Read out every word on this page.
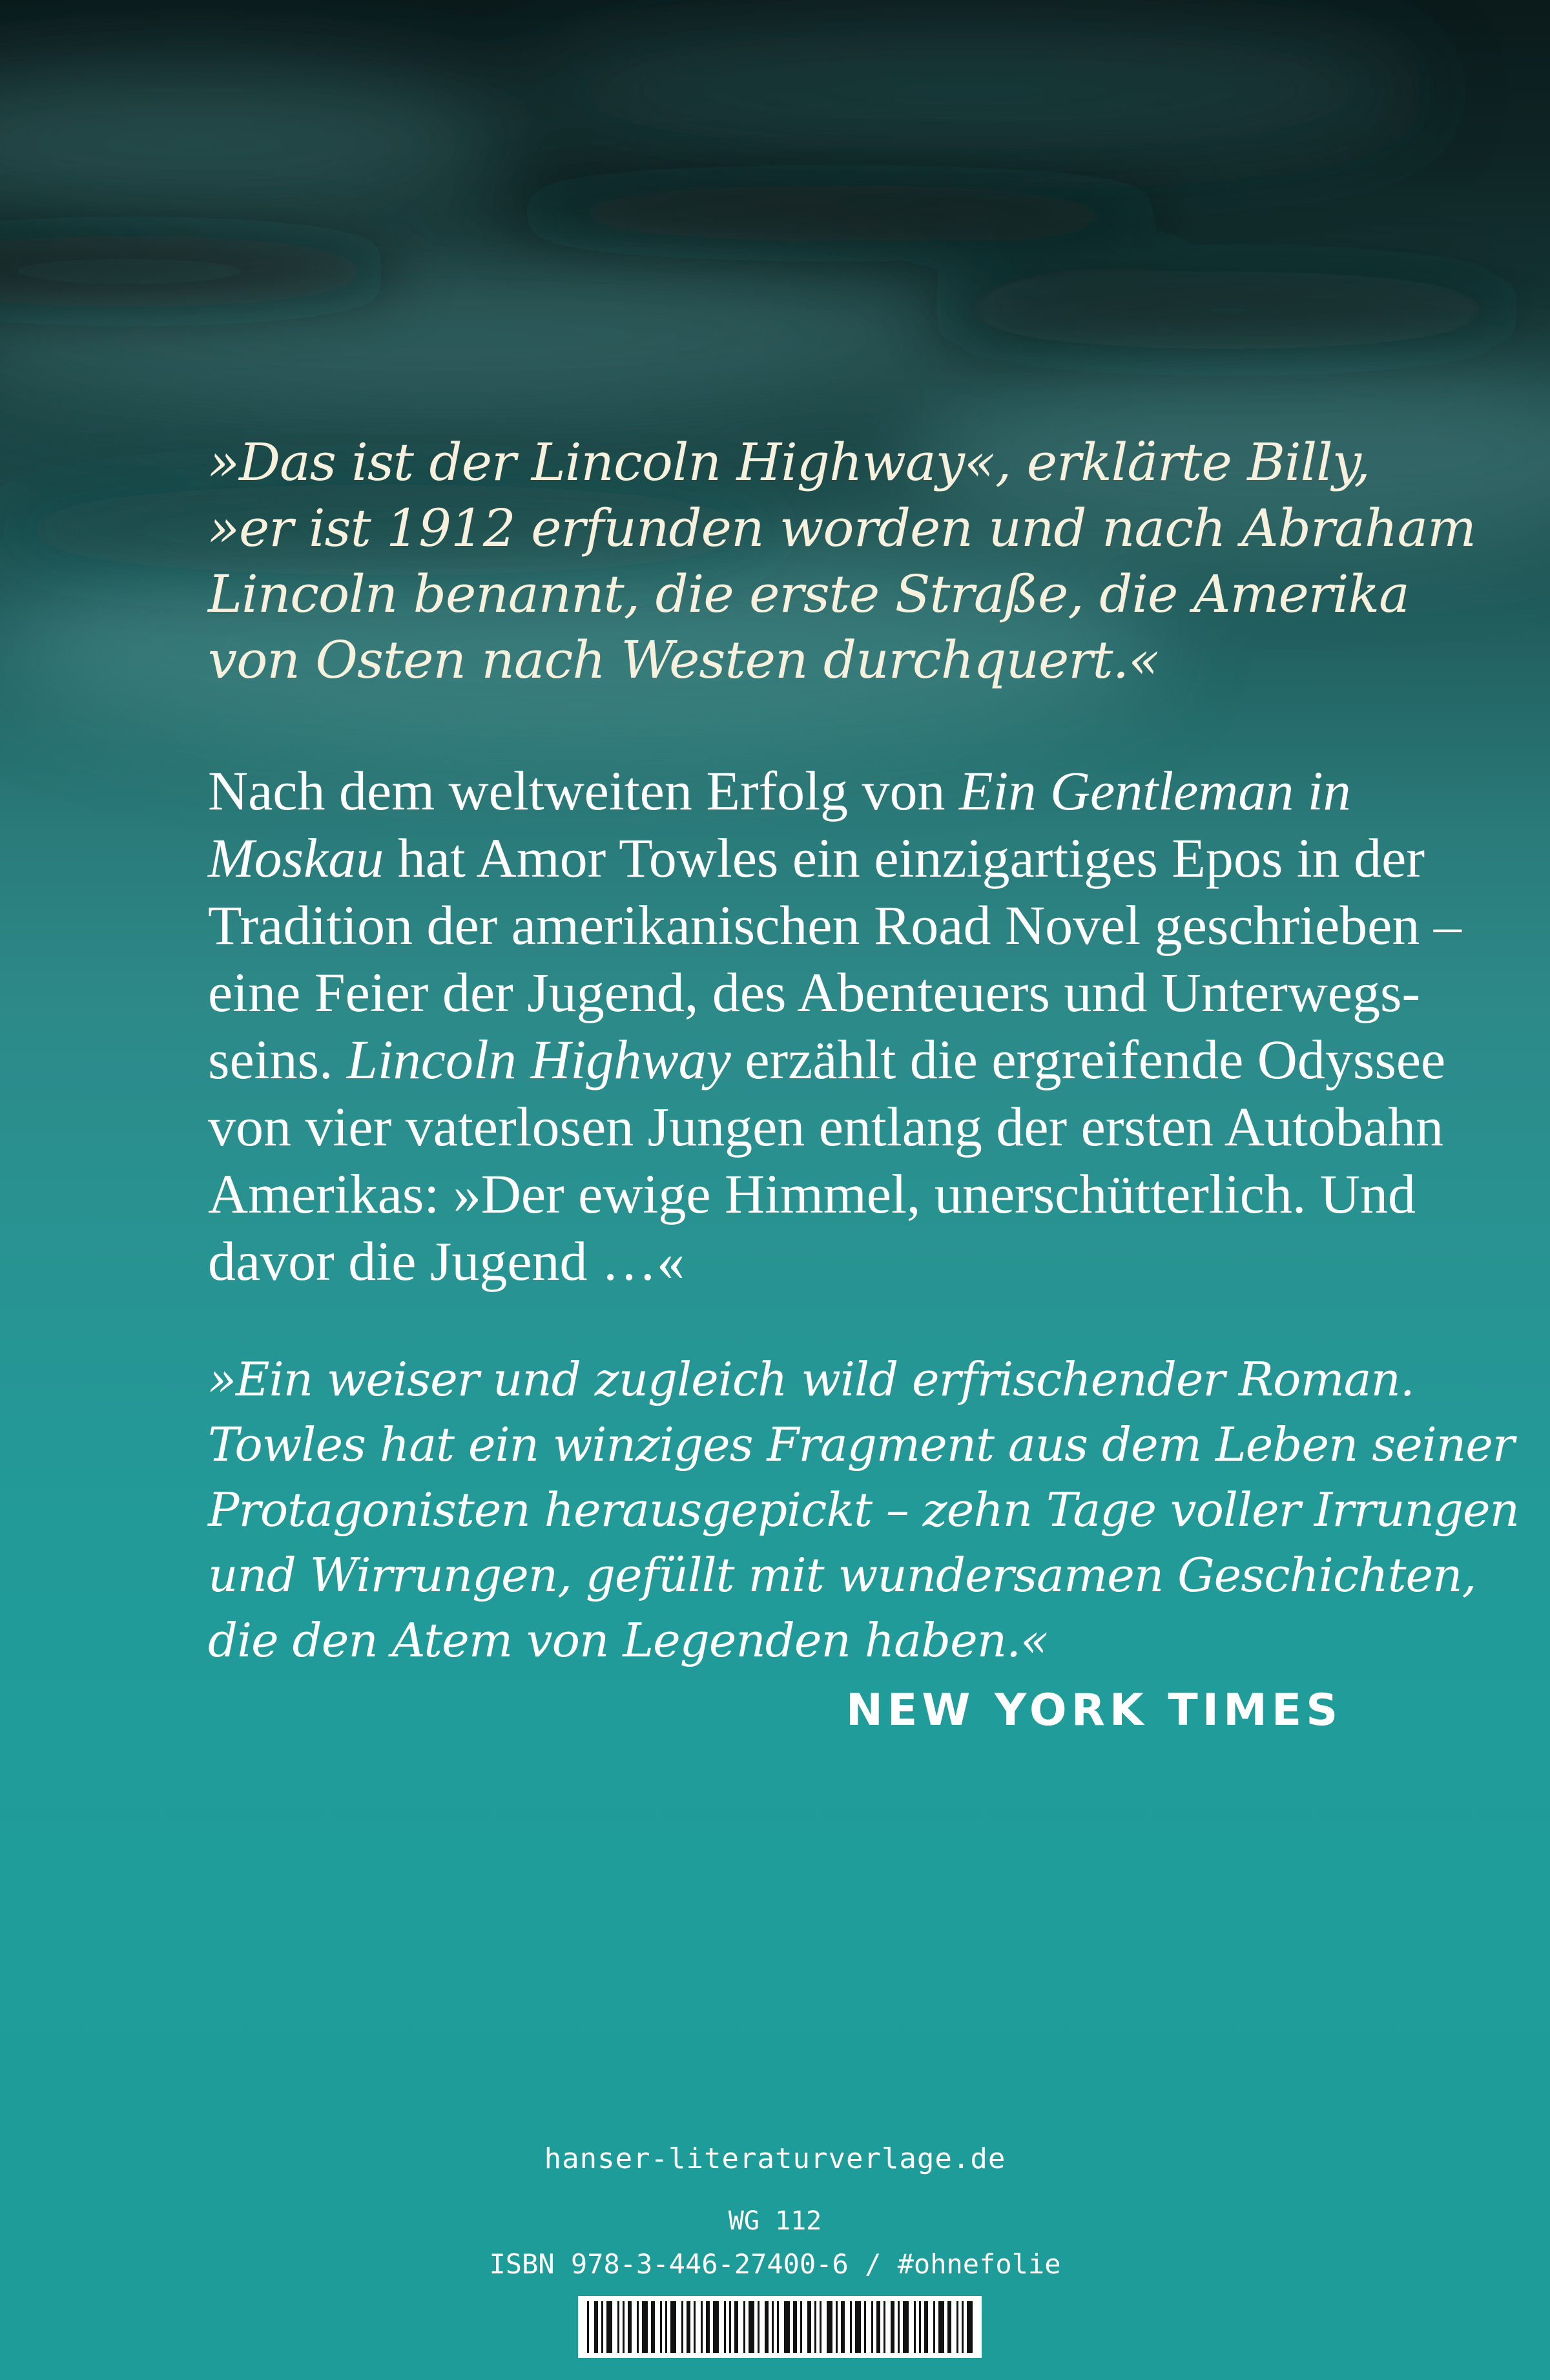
»Das ist der Lincoln Highway«, erklärte Billy,
»er ist 1912 erfunden worden und nach Abraham
Lincoln benannt, die erste Straße, die Amerika
von Osten nach Westen durchquert.«
Nach dem weltweiten Erfolg von Ein Gentleman in
Moskau hat Amor Towles ein einzigartiges Epos in der
Tradition der amerikanischen Road Novel geschrieben –
eine Feier der Jugend, des Abenteuers und Unterwegs-
seins. Lincoln Highway erzählt die ergreifende Odyssee
von vier vaterlosen Jungen entlang der ersten Autobahn
Amerikas: »Der ewige Himmel, unerschütterlich. Und
davor die Jugend …«
»Ein weiser und zugleich wild erfrischender Roman.
Towles hat ein winziges Fragment aus dem Leben seiner
Protagonisten herausgepickt – zehn Tage voller Irrungen
und Wirrungen, gefüllt mit wundersamen Geschichten,
die den Atem von Legenden haben.«
NEW YORK TIMES
hanser-literaturverlage.de
WG 112
ISBN 978-3-446-27400-6 / #ohnefolie
